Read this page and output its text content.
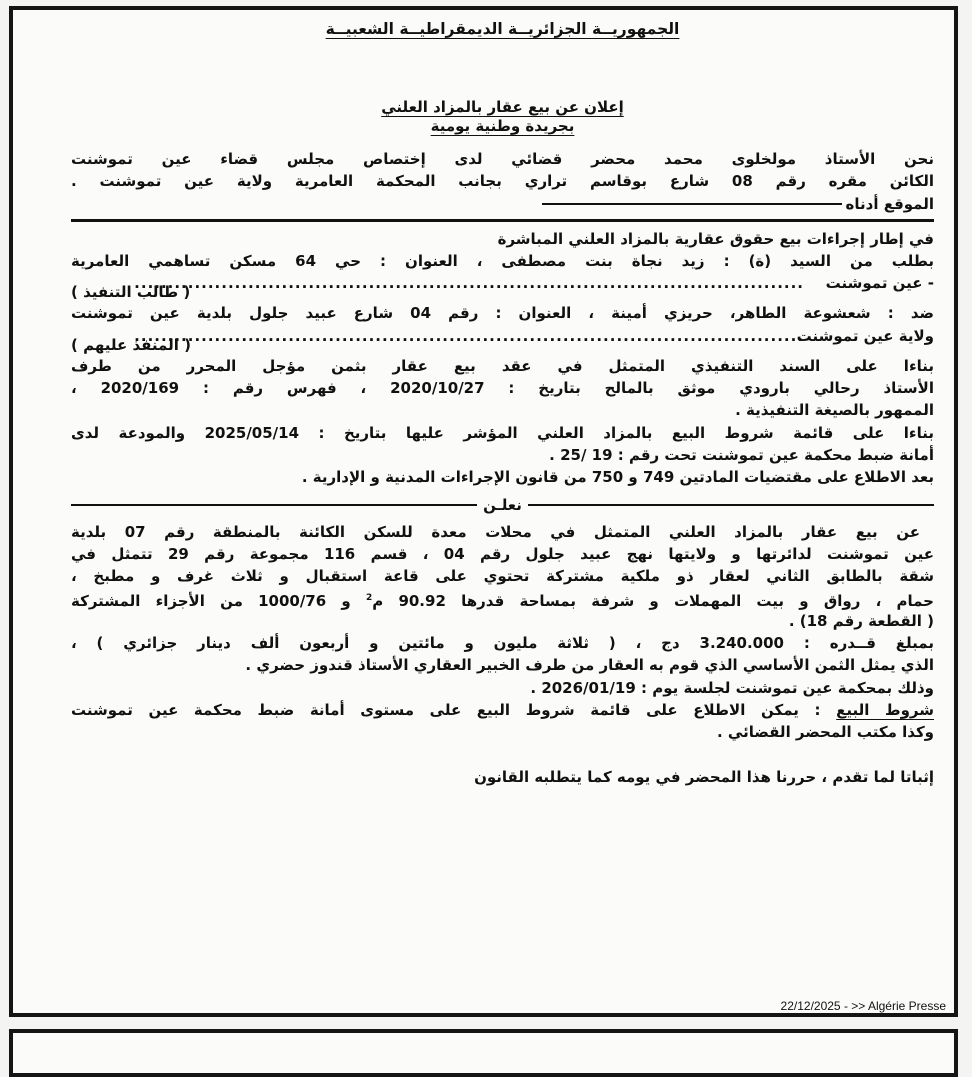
الجمهوريــة الجزائريــة الديمقراطيــة الشعبيــة
إعلان عن بيع عقار بالمزاد العلني
بجريدة وطنية يومية
نحن الأستاذ مولخلوى محمد محضر قضائي لدى إختصاص مجلس قضاء عين تموشنت
الكائن مقره رقم 08 شارع بوقاسم تراري بجانب المحكمة العامرية ولاية عين تموشنت .
الموقع أدناه
في إطار إجراءات بيع حقوق عقارية بالمزاد العلني المباشرة
بطلب من السيد (ة) : زيد نجاة بنت مصطفى ، العنوان : حي 64 مسكن تساهمي العامرية
- عين تموشنت
....................................................................................................
( طالب التنفيذ )
ضد : شعشوعة الطاهر، حريزي أمينة ، العنوان : رقم 04 شارع عبيد جلول بلدية عين تموشنت
ولاية عين تموشنت
....................................................................................................
( المنفذ عليهم )
بناءا على السند التنفيذي المتمثل في عقد بيع عقار بثمن مؤجل المحرر من طرف
الأستاذ رحالي بارودي موثق بالمالح بتاريخ : 2020/10/27 ، فهرس رقم : 2020/169 ،
الممهور بالصيغة التنفيذية .
بناءا على قائمة شروط البيع بالمزاد العلني المؤشر عليها بتاريخ : 2025/05/14 والمودعة لدى
أمانة ضبط محكمة عين تموشنت تحت رقم : 19 /25 .
بعد الاطلاع على مقتضيات المادتين 749 و 750 من قانون الإجراءات المدنية و الإدارية .
نعلـن
عن بيع عقار بالمزاد العلني المتمثل في محلات معدة للسكن الكائنة بالمنطقة رقم 07 بلدية
عين تموشنت لدائرتها و ولايتها نهج عبيد جلول رقم 04 ، قسم 116 مجموعة رقم 29 تتمثل في
شقة بالطابق الثاني لعقار ذو ملكية مشتركة تحتوي على قاعة استقبال و ثلاث غرف و مطبخ ،
حمام ، رواق و بيت المهملات و شرفة بمساحة قدرها 90.92 م$^2$ و 1000/76 من الأجزاء المشتركة
( القطعة رقم 18) .
بمبلغ قــدره : 3.240.000 دج ، ( ثلاثة مليون و مائتين و أربعون ألف دينار جزائري ) ،
الذي يمثل الثمن الأساسي الذي قوم به العقار من طرف الخبير العقاري الأستاذ قندوز حضري .
وذلك بمحكمة عين تموشنت لجلسة يوم : 2026/01/19 .
شروط البيع : يمكن الاطلاع على قائمة شروط البيع على مستوى أمانة ضبط محكمة عين تموشنت
وكذا مكتب المحضر القضائي .
إثباتا لما تقدم ، حررنا هذا المحضر في يومه كما يتطلبه القانون
22/12/2025 - >> Algérie Presse
